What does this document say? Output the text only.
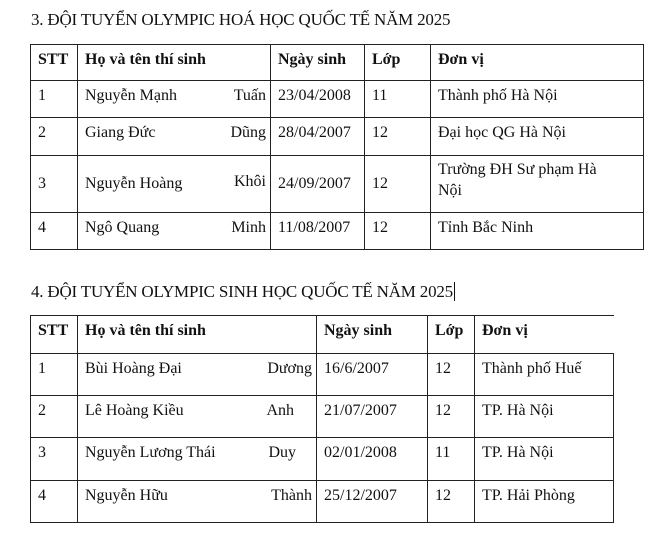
3. ĐỘI TUYỂN OLYMPIC HOÁ HỌC QUỐC TẾ NĂM 2025
STT	Họ và tên thí sinh	Ngày sinh	Lớp	Đơn vị
1	Nguyễn Mạnh Tuấn	23/04/2008	11	Thành phố Hà Nội
2	Giang Đức Dũng	28/04/2007	12	Đại học QG Hà Nội
3	Nguyễn Hoàng Khôi	24/09/2007	12	Trường ĐH Sư phạm Hà
Nội

4	Ngô Quang Minh	11/08/2007	12	Tỉnh Bắc Ninh
4. ĐỘI TUYỂN OLYMPIC SINH HỌC QUỐC TẾ NĂM 2025
STT	Họ và tên thí sinh	Ngày sinh	Lớp	Đơn vị
1	Bùi Hoàng Đại Dương	16/6/2007	12	Thành phố Huế
2	Lê Hoàng Kiều Anh	21/07/2007	12	TP. Hà Nội
3	Nguyễn Lương Thái Duy	02/01/2008	11	TP. Hà Nội
4	Nguyễn Hữu Thành	25/12/2007	12	TP. Hải Phòng
